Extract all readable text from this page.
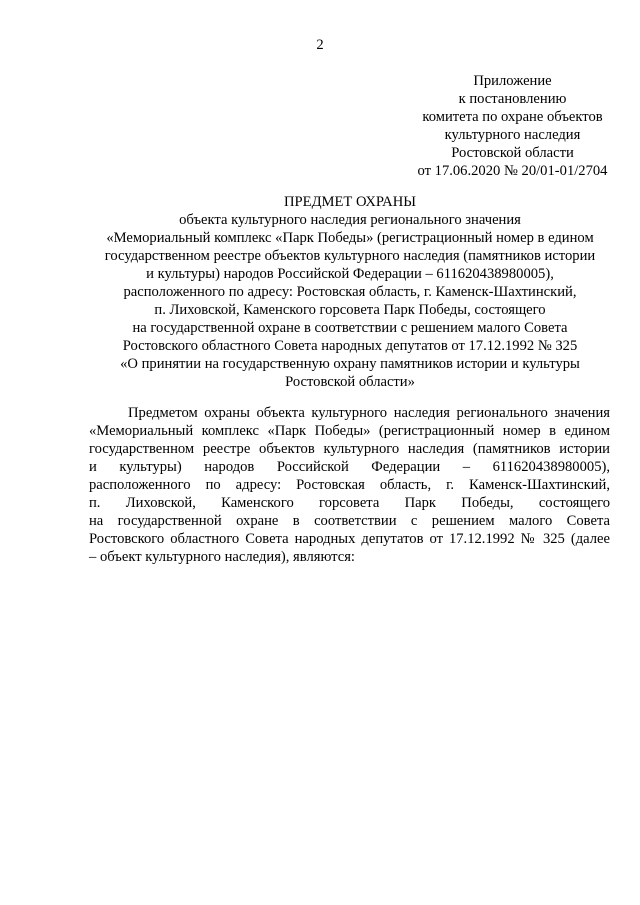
2
Приложение
к постановлению
комитета по охране объектов
культурного наследия
Ростовской области
от 17.06.2020 № 20/01-01/2704
ПРЕДМЕТ ОХРАНЫ
объекта культурного наследия регионального значения
«Мемориальный комплекс «Парк Победы» (регистрационный номер в едином
государственном реестре объектов культурного наследия (памятников истории
и культуры) народов Российской Федерации – 611620438980005),
расположенного по адресу: Ростовская область, г. Каменск-Шахтинский,
п. Лиховской, Каменского горсовета Парк Победы, состоящего
на государственной охране в соответствии с решением малого Совета
Ростовского областного Совета народных депутатов от 17.12.1992 № 325
«О принятии на государственную охрану памятников истории и культуры
Ростовской области»
Предметом охраны объекта культурного наследия регионального значения
«Мемориальный комплекс «Парк Победы» (регистрационный номер в едином
государственном реестре объектов культурного наследия (памятников истории
и культуры) народов Российской Федерации – 611620438980005),
расположенного по адресу: Ростовская область, г. Каменск-Шахтинский,
п. Лиховской, Каменского горсовета Парк Победы, состоящего
на государственной охране в соответствии с решением малого Совета
Ростовского областного Совета народных депутатов от 17.12.1992 № 325 (далее
– объект культурного наследия), являются:
